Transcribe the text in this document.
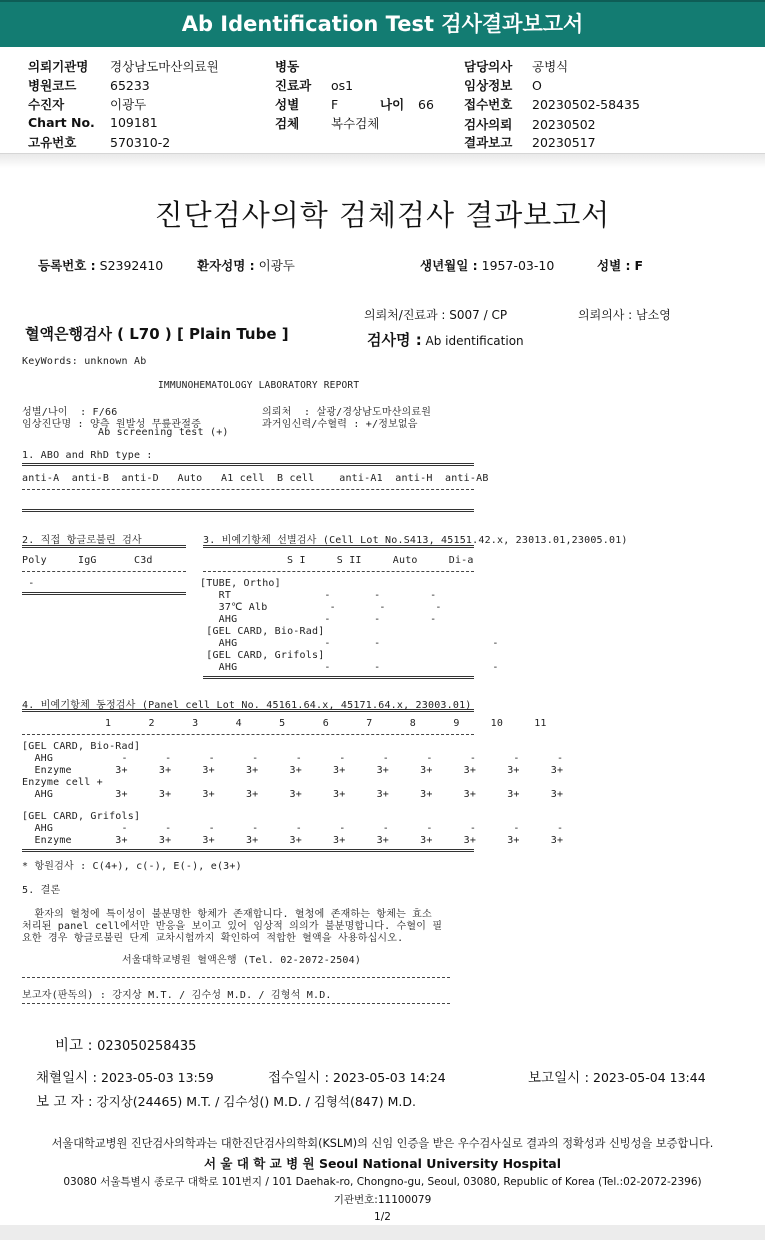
Ab Identification Test 검사결과보고서
의뢰기관명 경상남도마산의료원
병원코드	65233
수진자	이광두
Chart No. 109181
고유번호	570310-2
병동
진료과 os1
성별	F	나이 66
검체	복수검체
담당의사 공병식
임상정보 O
접수번호 20230502-58435
검사의뢰 20230502
결과보고 20230517
진단검사의학 검체검사 결과보고서
등록번호 : S2392410	환자성명 : 이광두	생년월일 : 1957-03-10	성별 : F
의뢰처/진료과 : S007 / CP	의뢰의사 : 남소영
혈액은행검사 ( L70 ) [ Plain Tube ]	검사명 : Ab identification
KeyWords: unknown Ab
IMMUNOHEMATOLOGY LABORATORY REPORT
성별/나이  : F/66	의뢰처  : 살광/경상남도마산의료원
임상진단명 : 양측 원발성 무릎관절증	과거임신력/수혈력 : +/정보없음
Ab screening test (+)
1. ABO and RhD type :
anti-A  anti-B  anti-D   Auto   A1 cell  B cell    anti-A1  anti-H  anti-AB
2. 직접 항글로불린 검사
Poly     IgG      C3d
-
3. 비예기항체 선별검사 (Cell Lot No.S413, 45151.42.x, 23013.01,23005.01)
S I     S II     Auto     Di-a
[TUBE, Ortho]
RT               -       -        -
37℃ Alb          -       -        -
AHG              -       -        -
[GEL CARD, Bio-Rad]
AHG              -       -                  -
[GEL CARD, Grifols]
AHG              -       -                  -
4. 비예기항체 동정검사 (Panel cell Lot No. 45161.64.x, 45171.64.x, 23003.01)
1      2      3      4      5      6      7      8      9     10     11
[GEL CARD, Bio-Rad]
AHG           -      -      -      -      -      -      -      -      -      -      -
Enzyme       3+     3+     3+     3+     3+     3+     3+     3+     3+     3+     3+
Enzyme cell +
AHG          3+     3+     3+     3+     3+     3+     3+     3+     3+     3+     3+
[GEL CARD, Grifols]
AHG           -      -      -      -      -      -      -      -      -      -      -
Enzyme       3+     3+     3+     3+     3+     3+     3+     3+     3+     3+     3+
* 항원검사 : C(4+), c(-), E(-), e(3+)
5. 결론
환자의 혈청에 특이성이 불분명한 항체가 존재합니다. 혈청에 존재하는 항체는 효소
처리된 panel cell에서만 반응을 보이고 있어 임상적 의의가 불분명합니다. 수혈이 필
요한 경우 항글로불린 단계 교차시험까지 확인하여 적합한 혈액을 사용하십시오.
서울대학교병원 혈액은행 (Tel. 02-2072-2504)
보고자(판독의) : 강지상 M.T. / 김수성 M.D. / 김형석 M.D.
비고 : 023050258435
채혈일시 : 2023-05-03 13:59	접수일시 : 2023-05-03 14:24	보고일시 : 2023-05-04 13:44
보 고 자 : 강지상(24465) M.T. / 김수성() M.D. / 김형석(847) M.D.
서울대학교병원 진단검사의학과는 대한진단검사의학회(KSLM)의 신임 인증을 받은 우수검사실로 결과의 정확성과 신빙성을 보증합니다.
서 울 대 학 교 병 원 Seoul National University Hospital
03080 서울특별시 종로구 대학로 101번지 / 101 Daehak-ro, Chongno-gu, Seoul, 03080, Republic of Korea (Tel.:02-2072-2396)
기관번호:11100079
1/2
